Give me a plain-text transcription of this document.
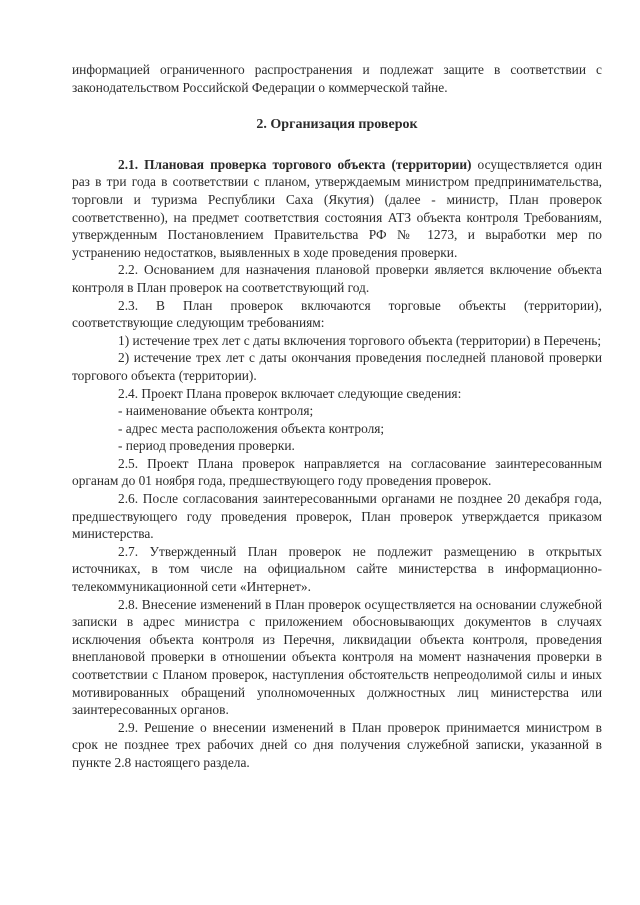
информацией ограниченного распространения и подлежат защите в соответствии с законодательством Российской Федерации о коммерческой тайне.

2. Организация проверок

2.1. Плановая проверка торгового объекта (территории) осуществляется один раз в три года в соответствии с планом, утверждаемым министром предпринимательства, торговли и туризма Республики Саха (Якутия) (далее - министр, План проверок соответственно), на предмет соответствия состояния АТЗ объекта контроля Требованиям, утвержденным Постановлением Правительства РФ № 1273, и выработки мер по устранению недостатков, выявленных в ходе проведения проверки.

2.2. Основанием для назначения плановой проверки является включение объекта контроля в План проверок на соответствующий год.

2.3. В План проверок включаются торговые объекты (территории), соответствующие следующим требованиям:

1) истечение трех лет с даты включения торгового объекта (территории) в Перечень;

2) истечение трех лет с даты окончания проведения последней плановой проверки торгового объекта (территории).

2.4. Проект Плана проверок включает следующие сведения:

- наименование объекта контроля;

- адрес места расположения объекта контроля;

- период проведения проверки.

2.5. Проект Плана проверок направляется на согласование заинтересованным органам до 01 ноября года, предшествующего году проведения проверок.

2.6. После согласования заинтересованными органами не позднее 20 декабря года, предшествующего году проведения проверок, План проверок утверждается приказом министерства.

2.7. Утвержденный План проверок не подлежит размещению в открытых источниках, в том числе на официальном сайте министерства в информационно-телекоммуникационной сети «Интернет».

2.8. Внесение изменений в План проверок осуществляется на основании служебной записки в адрес министра с приложением обосновывающих документов в случаях исключения объекта контроля из Перечня, ликвидации объекта контроля, проведения внеплановой проверки в отношении объекта контроля на момент назначения проверки в соответствии с Планом проверок, наступления обстоятельств непреодолимой силы и иных мотивированных обращений уполномоченных должностных лиц министерства или заинтересованных органов.

2.9. Решение о внесении изменений в План проверок принимается министром в срок не позднее трех рабочих дней со дня получения служебной записки, указанной в пункте 2.8 настоящего раздела.
